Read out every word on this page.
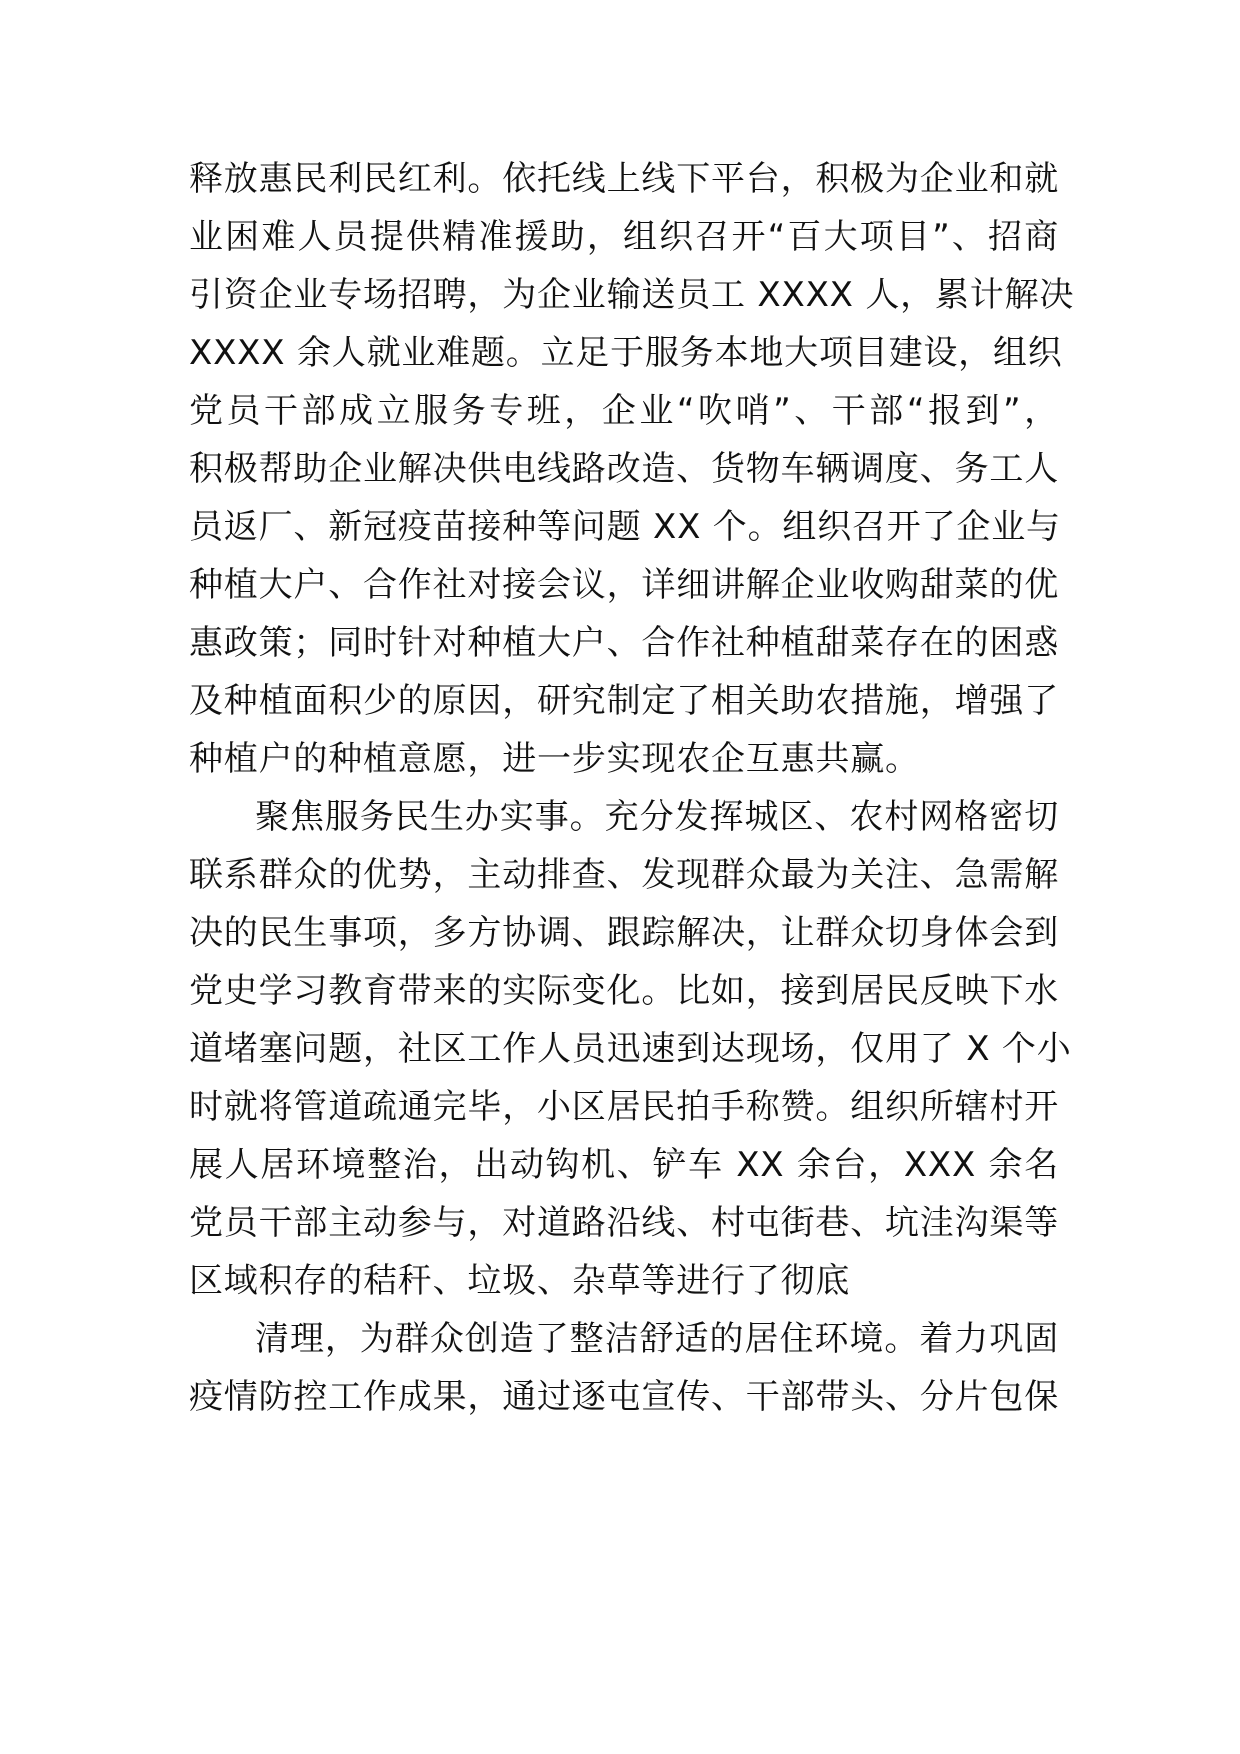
释放惠民利民红利。依托线上线下平台，积极为企业和就
业困难人员提供精准援助，组织召开“百大项目”、招商
引资企业专场招聘，为企业输送员工 XXXX 人，累计解决
XXXX 余人就业难题。立足于服务本地大项目建设，组织
党员干部成立服务专班，企业“吹哨”、干部“报到”，
积极帮助企业解决供电线路改造、货物车辆调度、务工人
员返厂、新冠疫苗接种等问题 XX 个。组织召开了企业与
种植大户、合作社对接会议，详细讲解企业收购甜菜的优
惠政策；同时针对种植大户、合作社种植甜菜存在的困惑
及种植面积少的原因，研究制定了相关助农措施，增强了
种植户的种植意愿，进一步实现农企互惠共赢。
聚焦服务民生办实事。充分发挥城区、农村网格密切
联系群众的优势，主动排查、发现群众最为关注、急需解
决的民生事项，多方协调、跟踪解决，让群众切身体会到
党史学习教育带来的实际变化。比如，接到居民反映下水
道堵塞问题，社区工作人员迅速到达现场，仅用了 X 个小
时就将管道疏通完毕，小区居民拍手称赞。组织所辖村开
展人居环境整治，出动钩机、铲车 XX 余台，XXX 余名
党员干部主动参与，对道路沿线、村屯街巷、坑洼沟渠等
区域积存的秸秆、垃圾、杂草等进行了彻底
清理，为群众创造了整洁舒适的居住环境。着力巩固
疫情防控工作成果，通过逐屯宣传、干部带头、分片包保
